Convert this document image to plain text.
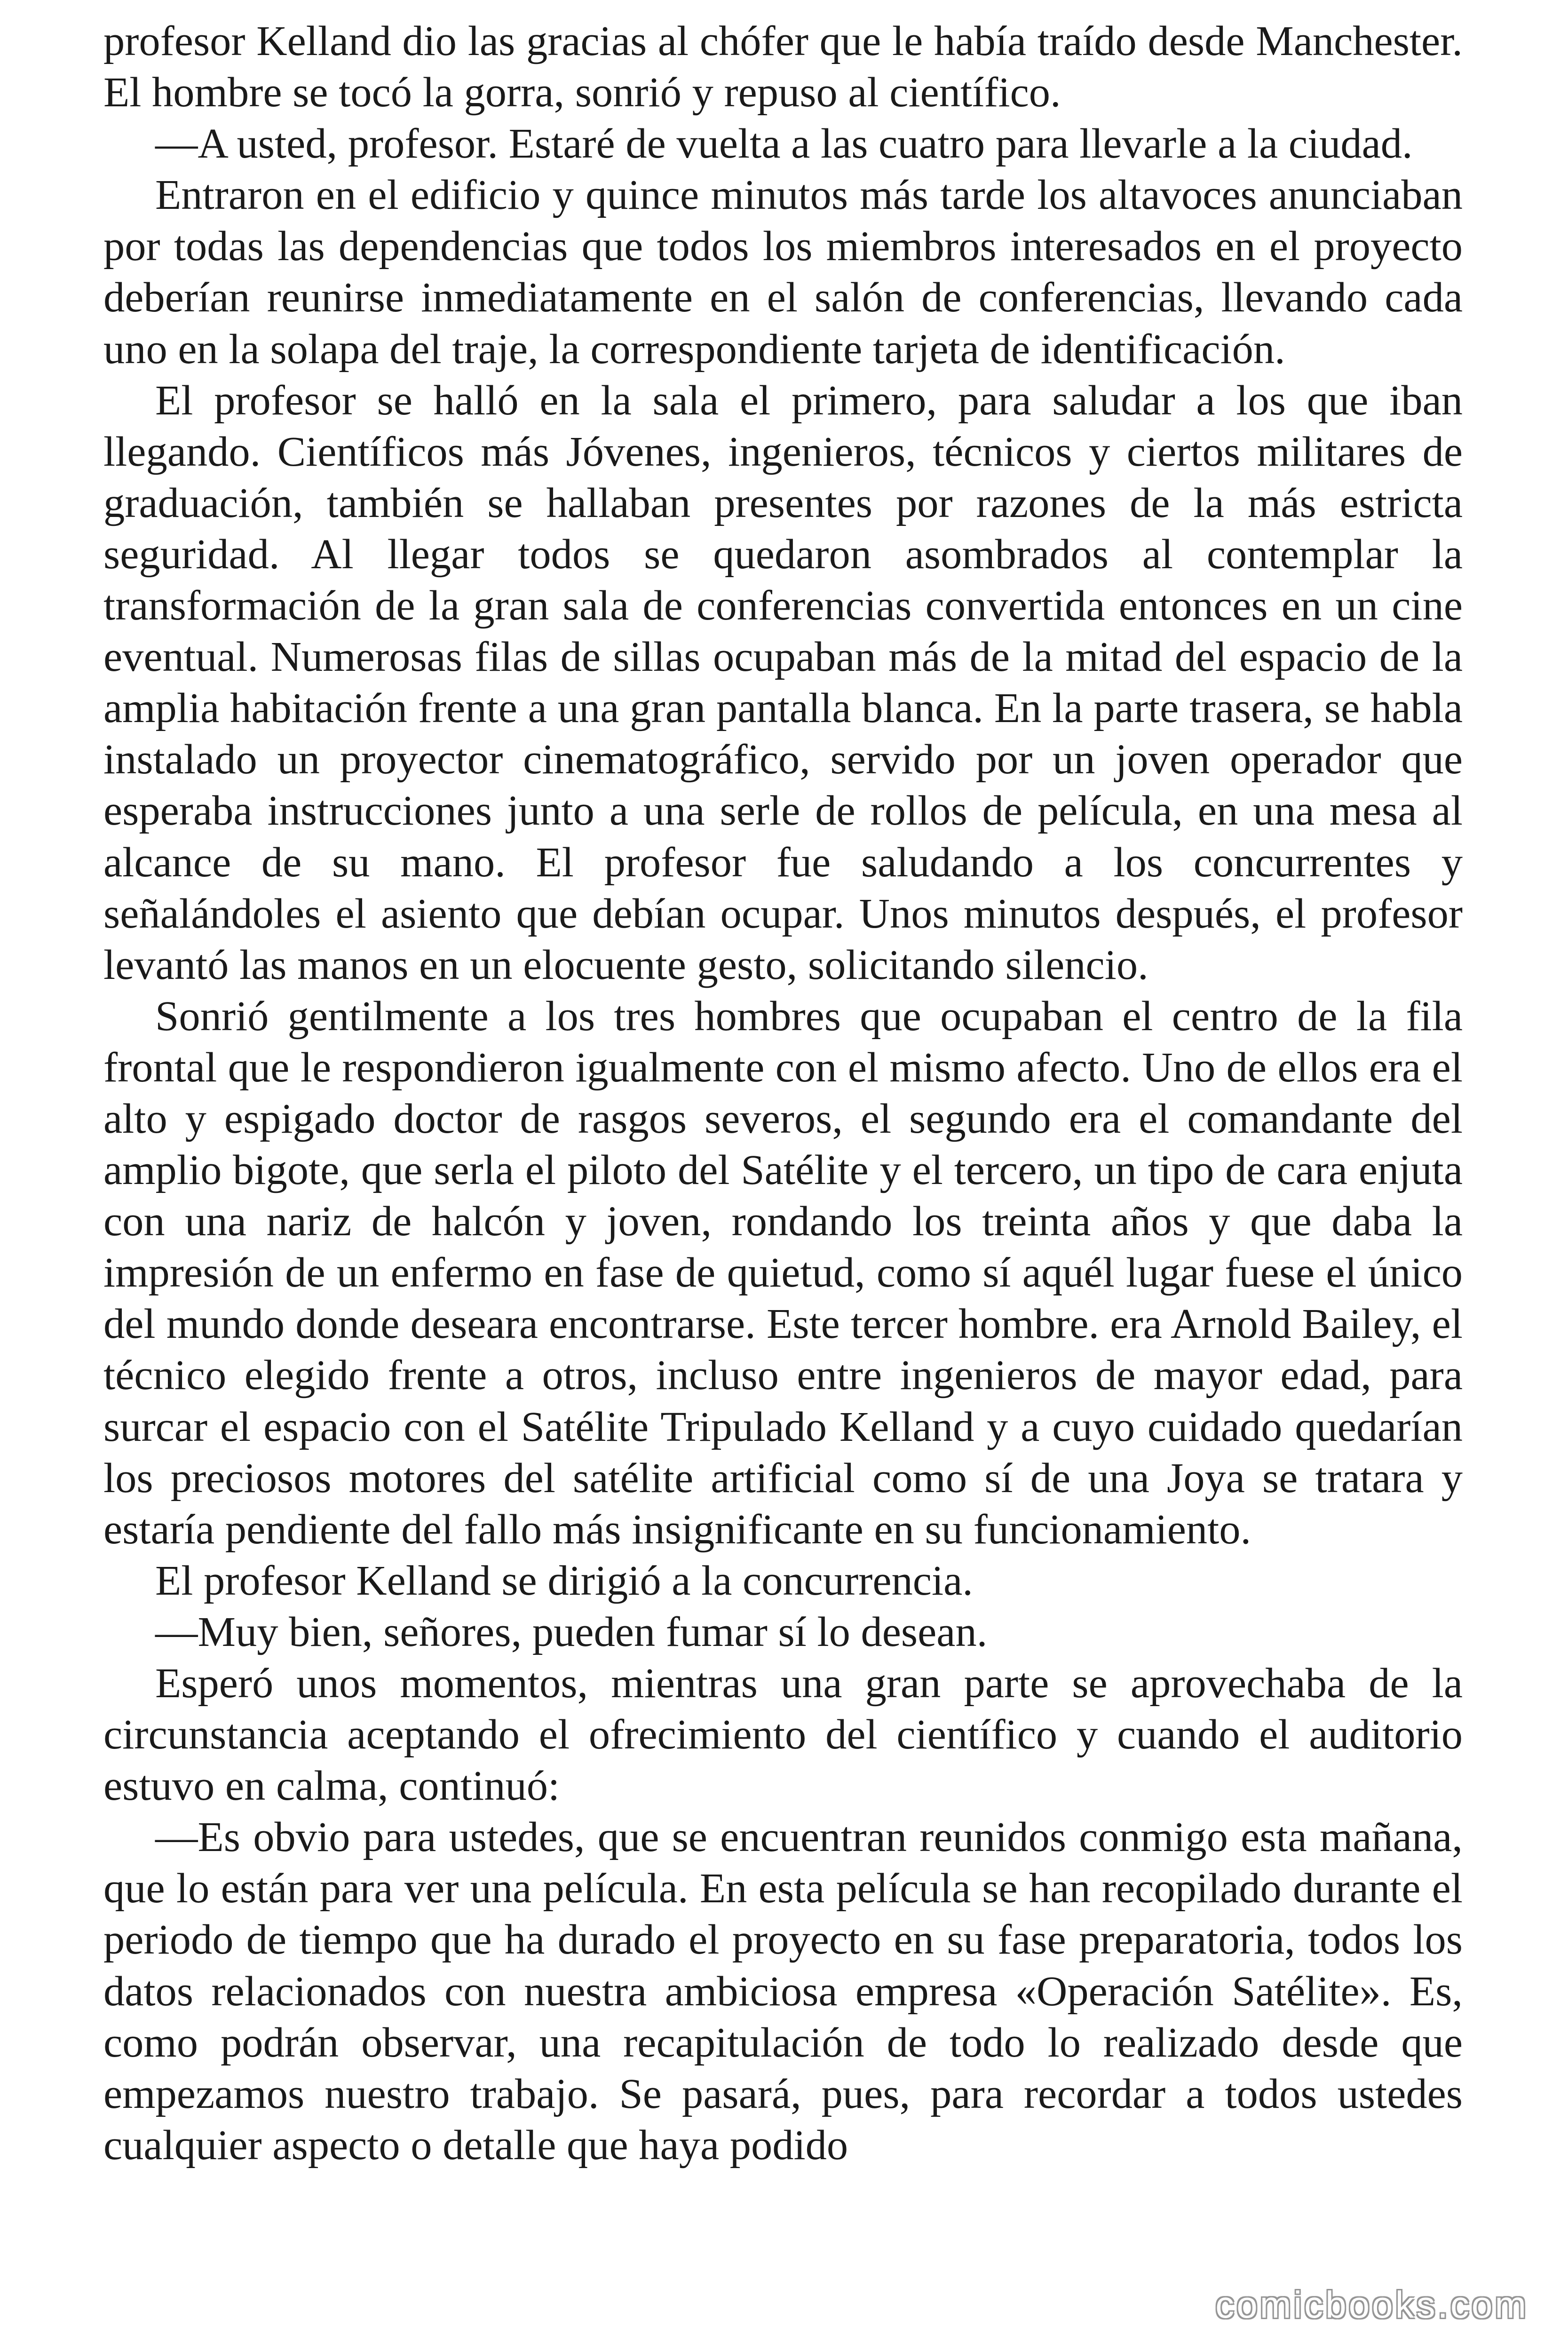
profesor Kelland dio las gracias al chófer que le había traído desde Manchester. El hombre se tocó la gorra, sonrió y repuso al científico.

—A usted, profesor. Estaré de vuelta a las cuatro para llevarle a la ciudad.

Entraron en el edificio y quince minutos más tarde los altavoces anunciaban por todas las dependencias que todos los miembros interesados en el proyecto deberían reunirse inmediatamente en el salón de conferencias, llevando cada uno en la solapa del traje, la correspondiente tarjeta de identificación.

El profesor se halló en la sala el primero, para saludar a los que iban llegando. Científicos más Jóvenes, ingenieros, técnicos y ciertos militares de graduación, también se hallaban presentes por razones de la más estricta seguridad. Al llegar todos se quedaron asombrados al contemplar la transformación de la gran sala de conferencias convertida entonces en un cine eventual. Numerosas filas de sillas ocupaban más de la mitad del espacio de la amplia habitación frente a una gran pantalla blanca. En la parte trasera, se habla instalado un proyector cinematográfico, servido por un joven operador que esperaba instrucciones junto a una serle de rollos de película, en una mesa al alcance de su mano. El profesor fue saludando a los concurrentes y señalándoles el asiento que debían ocupar. Unos minutos después, el profesor levantó las manos en un elocuente gesto, solicitando silencio.

Sonrió gentilmente a los tres hombres que ocupaban el centro de la fila frontal que le respondieron igualmente con el mismo afecto. Uno de ellos era el alto y espigado doctor de rasgos severos, el segundo era el comandante del amplio bigote, que serla el piloto del Satélite y el tercero, un tipo de cara enjuta con una nariz de halcón y joven, rondando los treinta años y que daba la impresión de un enfermo en fase de quietud, como sí aquél lugar fuese el único del mundo donde deseara encontrarse. Este tercer hombre. era Arnold Bailey, el técnico elegido frente a otros, incluso entre ingenieros de mayor edad, para surcar el espacio con el Satélite Tripulado Kelland y a cuyo cuidado quedarían los preciosos motores del satélite artificial como sí de una Joya se tratara y estaría pendiente del fallo más insignificante en su funcionamiento.

El profesor Kelland se dirigió a la concurrencia.

—Muy bien, señores, pueden fumar sí lo desean.

Esperó unos momentos, mientras una gran parte se aprovechaba de la circunstancia aceptando el ofrecimiento del científico y cuando el auditorio estuvo en calma, continuó:

—Es obvio para ustedes, que se encuentran reunidos conmigo esta mañana, que lo están para ver una película. En esta película se han recopilado durante el periodo de tiempo que ha durado el proyecto en su fase preparatoria, todos los datos relacionados con nuestra ambiciosa empresa «Operación Satélite». Es, como podrán observar, una recapitulación de todo lo realizado desde que empezamos nuestro trabajo. Se pasará, pues, para recordar a todos ustedes cualquier aspecto o detalle que haya podido

comicbooks.com
